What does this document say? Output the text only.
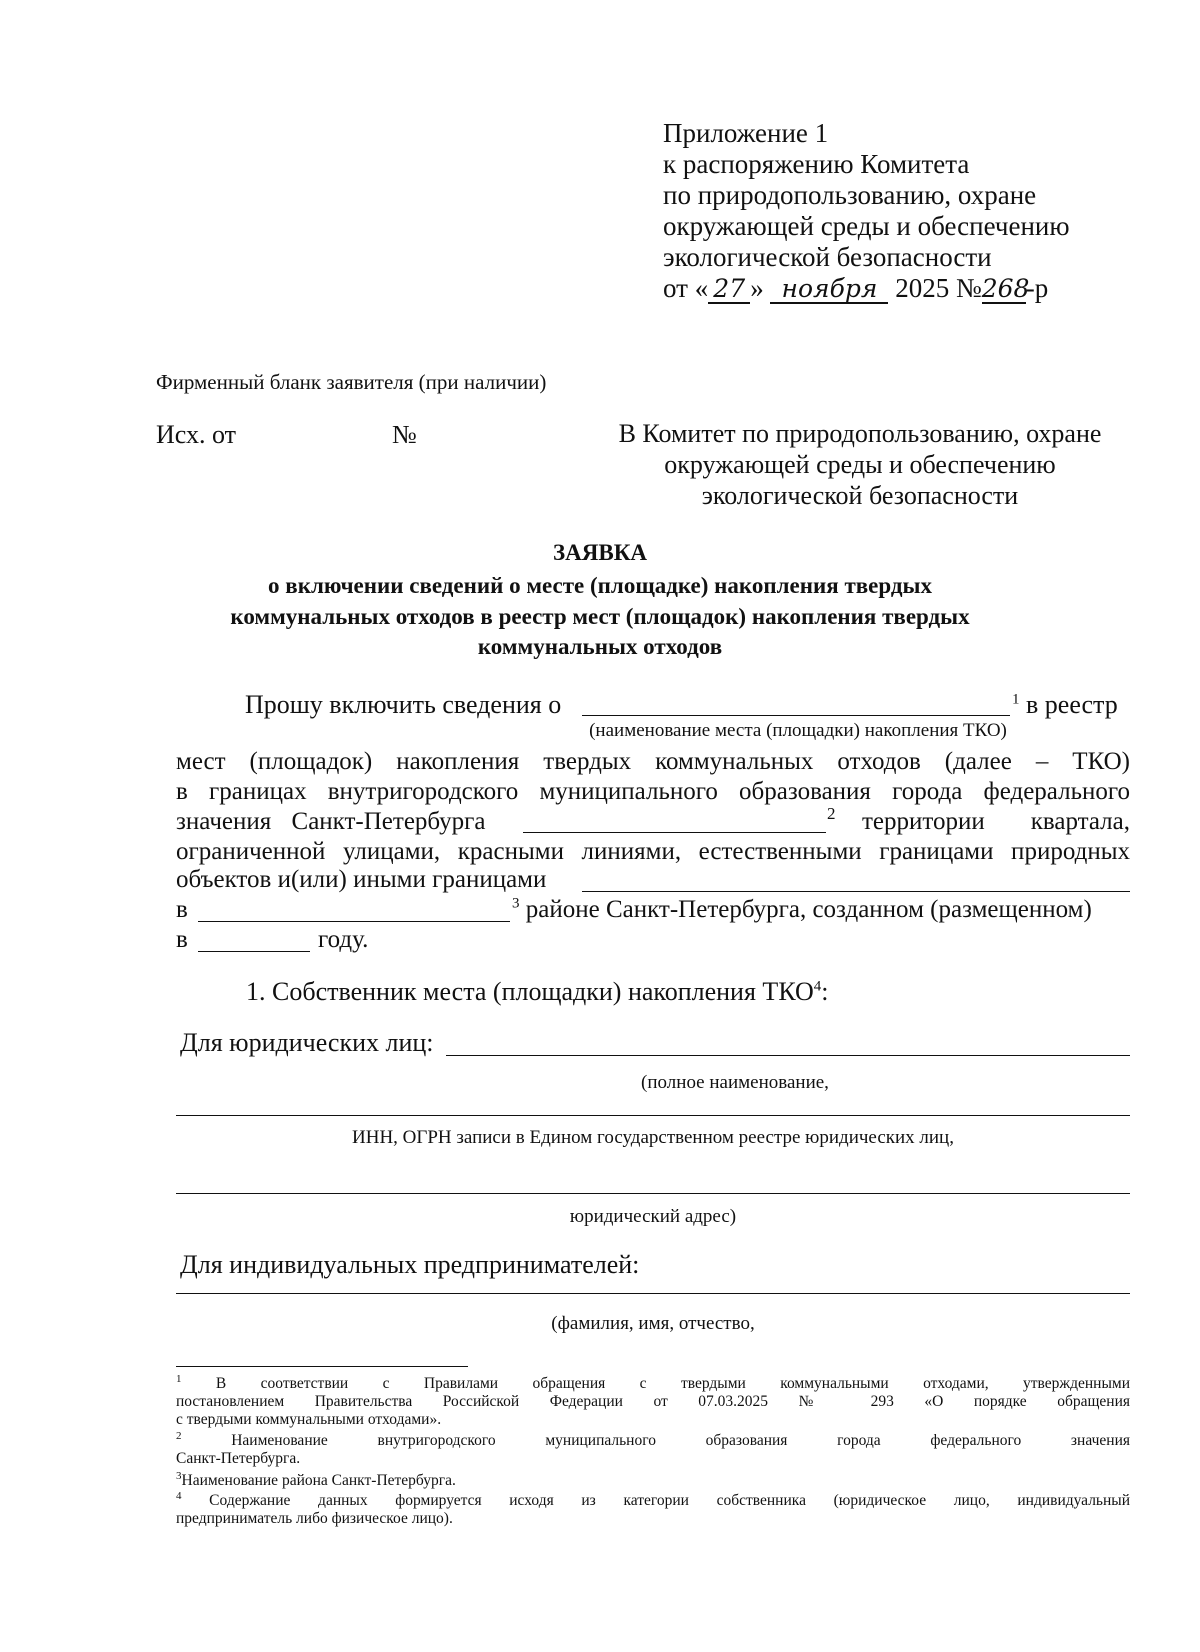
Приложение 1
к распоряжению Комитета
по природопользованию, охране
окружающей среды и обеспечению
экологической безопасности
от « 27 » ноября 2025 №268-р
Фирменный бланк заявителя (при наличии)
Исх. от	№	В Комитет по природопользованию, охране
окружающей среды и обеспечению
экологической безопасности
ЗАЯВКА
о включении сведений о месте (площадке) накопления твердых
коммунальных отходов в реестр мест (площадок) накопления твердых
коммунальных отходов
Прошу включить сведения о	$^1$ в реестр
(наименование места (площадки) накопления ТКО)
мест (площадок) накопления твердых коммунальных отходов (далее – ТКО)
в границах внутригородского муниципального образования города федерального
значения Санкт-Петербурга	2 территории квартала,
ограниченной улицами, красными линиями, естественными границами природных
объектов и(или) иными границами
в	$^3$ районе Санкт-Петербурга, созданном (размещенном)
в	году.
1. Собственник места (площадки) накопления ТКО$^4$:
Для юридических лиц:
(полное наименование,
ИНН, ОГРН записи в Едином государственном реестре юридических лиц,
юридический адрес)
Для индивидуальных предпринимателей:
(фамилия, имя, отчество,
$^1$ В соответствии с Правилами обращения с твердыми коммунальными отходами, утвержденными
постановлением Правительства Российской Федерации от 07.03.2025 № 293 «О порядке обращения
с твердыми коммунальными отходами».
$^2$	Наименование внутригородского муниципального образования города федерального значения
Санкт-Петербурга.
$^3$Наименование района Санкт-Петербурга.
$^4$ Содержание данных формируется исходя из категории собственника (юридическое лицо, индивидуальный
предприниматель либо физическое лицо).
